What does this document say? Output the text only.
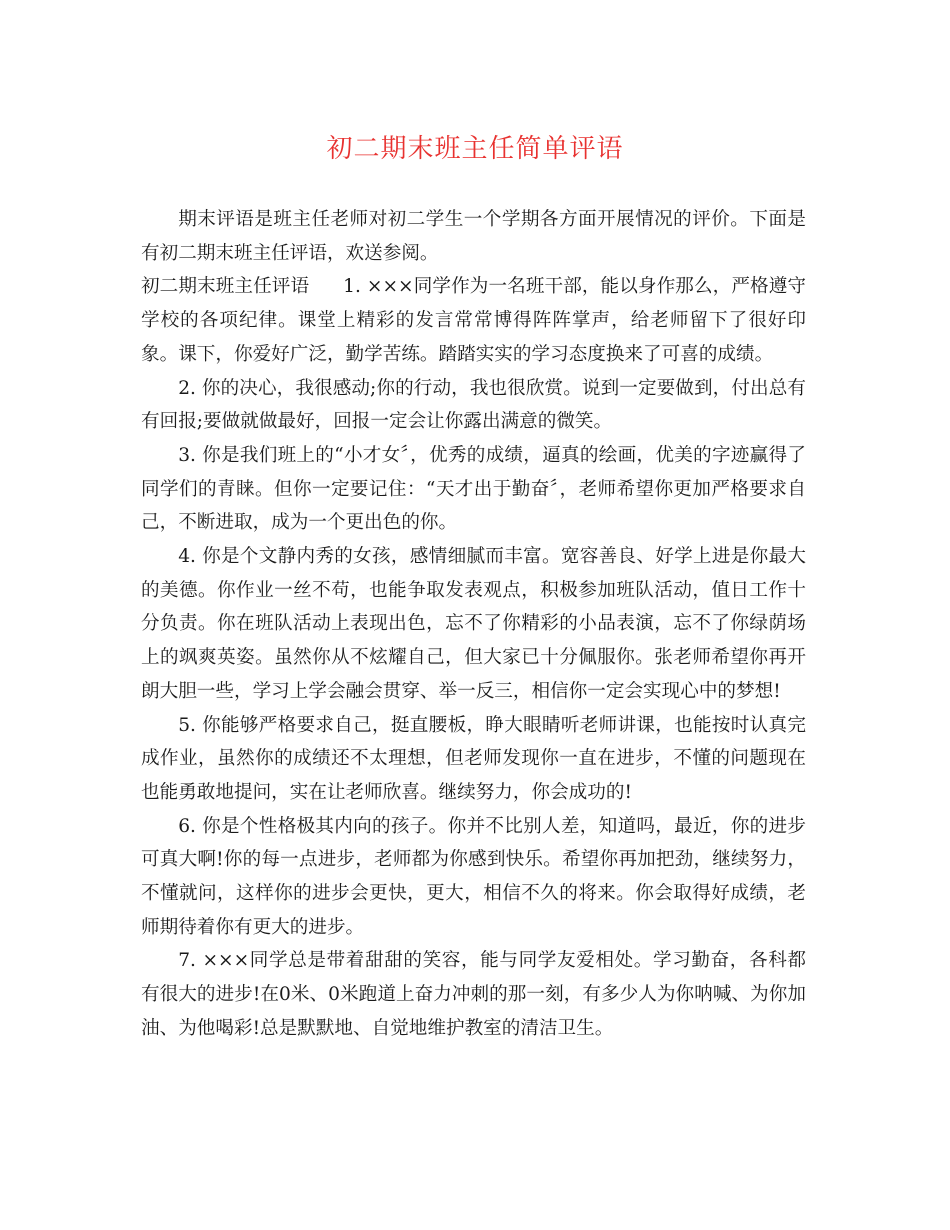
初二期末班主任简单评语

期末评语是班主任老师对初二学生一个学期各方面开展情况的评价。下面是有初二期末班主任评语，欢送参阅。

初二期末班主任评语 1. ×××同学作为一名班干部，能以身作那么，严格遵守学校的各项纪律。课堂上精彩的发言常常博得阵阵掌声，给老师留下了很好印象。课下，你爱好广泛，勤学苦练。踏踏实实的学习态度换来了可喜的成绩。

2. 你的决心，我很感动;你的行动，我也很欣赏。说到一定要做到，付出总有有回报;要做就做最好，回报一定会让你露出满意的微笑。

3. 你是我们班上的“小才女〞，优秀的成绩，逼真的绘画，优美的字迹赢得了同学们的青睐。但你一定要记住：“天才出于勤奋〞，老师希望你更加严格要求自己，不断进取，成为一个更出色的你。

4. 你是个文静内秀的女孩，感情细腻而丰富。宽容善良、好学上进是你最大的美德。你作业一丝不苟，也能争取发表观点，积极参加班队活动，值日工作十分负责。你在班队活动上表现出色，忘不了你精彩的小品表演，忘不了你绿荫场上的飒爽英姿。虽然你从不炫耀自己，但大家已十分佩服你。张老师希望你再开朗大胆一些，学习上学会融会贯穿、举一反三，相信你一定会实现心中的梦想!

5. 你能够严格要求自己，挺直腰板，睁大眼睛听老师讲课，也能按时认真完成作业，虽然你的成绩还不太理想，但老师发现你一直在进步，不懂的问题现在也能勇敢地提问，实在让老师欣喜。继续努力，你会成功的!

6. 你是个性格极其内向的孩子。你并不比别人差，知道吗，最近，你的进步可真大啊!你的每一点进步，老师都为你感到快乐。希望你再加把劲，继续努力，不懂就问，这样你的进步会更快，更大，相信不久的将来。你会取得好成绩，老师期待着你有更大的进步。

7. ×××同学总是带着甜甜的笑容，能与同学友爱相处。学习勤奋，各科都有很大的进步!在0米、0米跑道上奋力冲刺的那一刻，有多少人为你呐喊、为你加油、为他喝彩!总是默默地、自觉地维护教室的清洁卫生。
